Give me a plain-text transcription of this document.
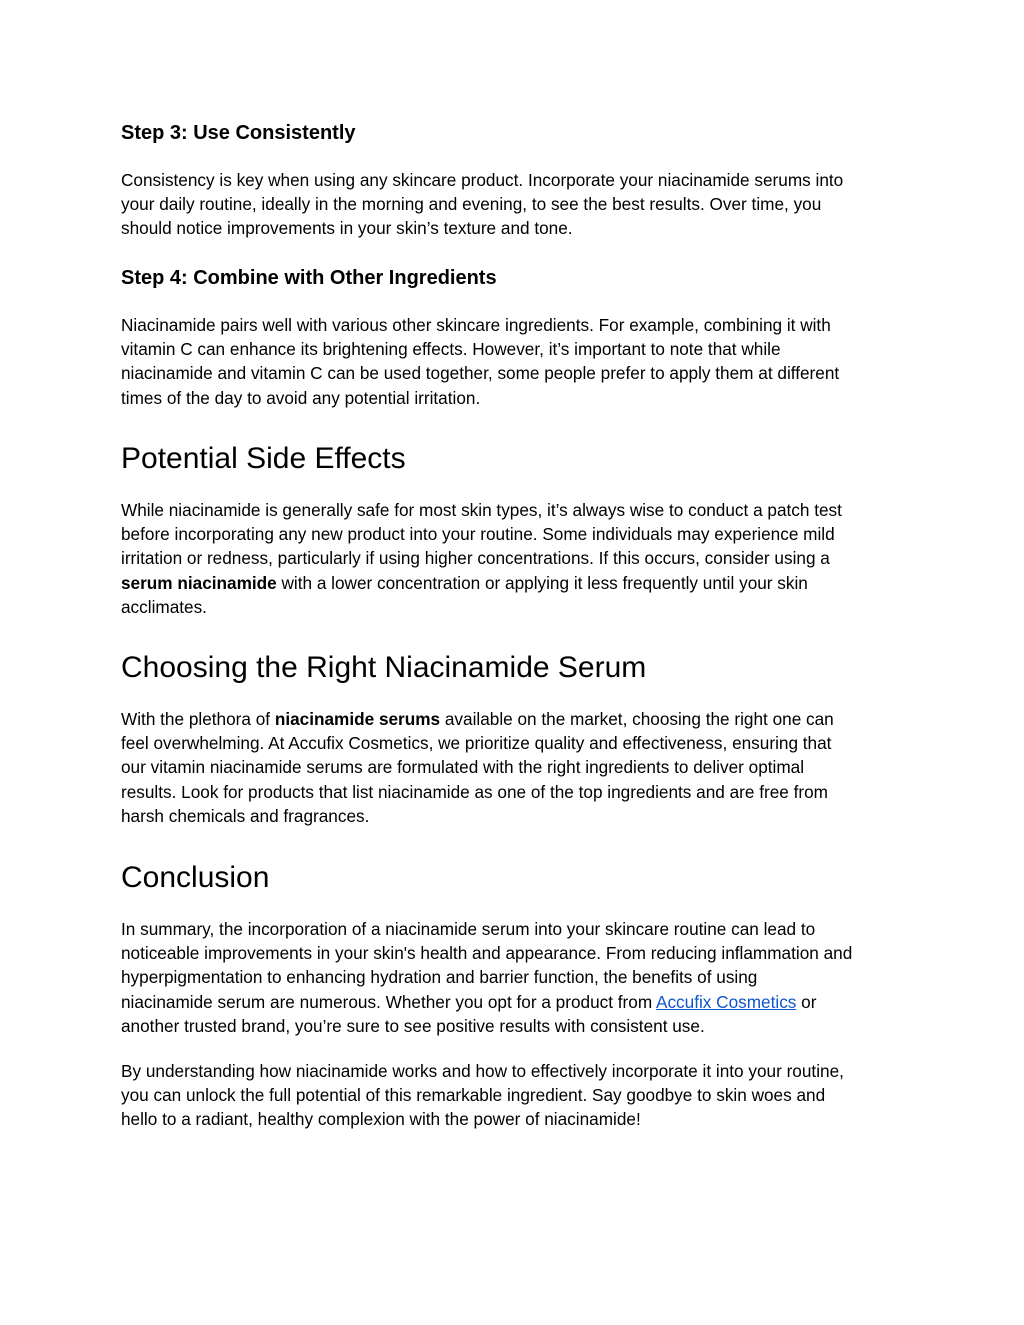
Step 3: Use Consistently

Consistency is key when using any skincare product. Incorporate your niacinamide serums into
your daily routine, ideally in the morning and evening, to see the best results. Over time, you
should notice improvements in your skin’s texture and tone.

Step 4: Combine with Other Ingredients

Niacinamide pairs well with various other skincare ingredients. For example, combining it with
vitamin C can enhance its brightening effects. However, it’s important to note that while
niacinamide and vitamin C can be used together, some people prefer to apply them at different
times of the day to avoid any potential irritation.

Potential Side Effects

While niacinamide is generally safe for most skin types, it’s always wise to conduct a patch test
before incorporating any new product into your routine. Some individuals may experience mild
irritation or redness, particularly if using higher concentrations. If this occurs, consider using a
serum niacinamide with a lower concentration or applying it less frequently until your skin
acclimates.

Choosing the Right Niacinamide Serum

With the plethora of niacinamide serums available on the market, choosing the right one can
feel overwhelming. At Accufix Cosmetics, we prioritize quality and effectiveness, ensuring that
our vitamin niacinamide serums are formulated with the right ingredients to deliver optimal
results. Look for products that list niacinamide as one of the top ingredients and are free from
harsh chemicals and fragrances.

Conclusion

In summary, the incorporation of a niacinamide serum into your skincare routine can lead to
noticeable improvements in your skin's health and appearance. From reducing inflammation and
hyperpigmentation to enhancing hydration and barrier function, the benefits of using
niacinamide serum are numerous. Whether you opt for a product from Accufix Cosmetics or
another trusted brand, you’re sure to see positive results with consistent use.

By understanding how niacinamide works and how to effectively incorporate it into your routine,
you can unlock the full potential of this remarkable ingredient. Say goodbye to skin woes and
hello to a radiant, healthy complexion with the power of niacinamide!
